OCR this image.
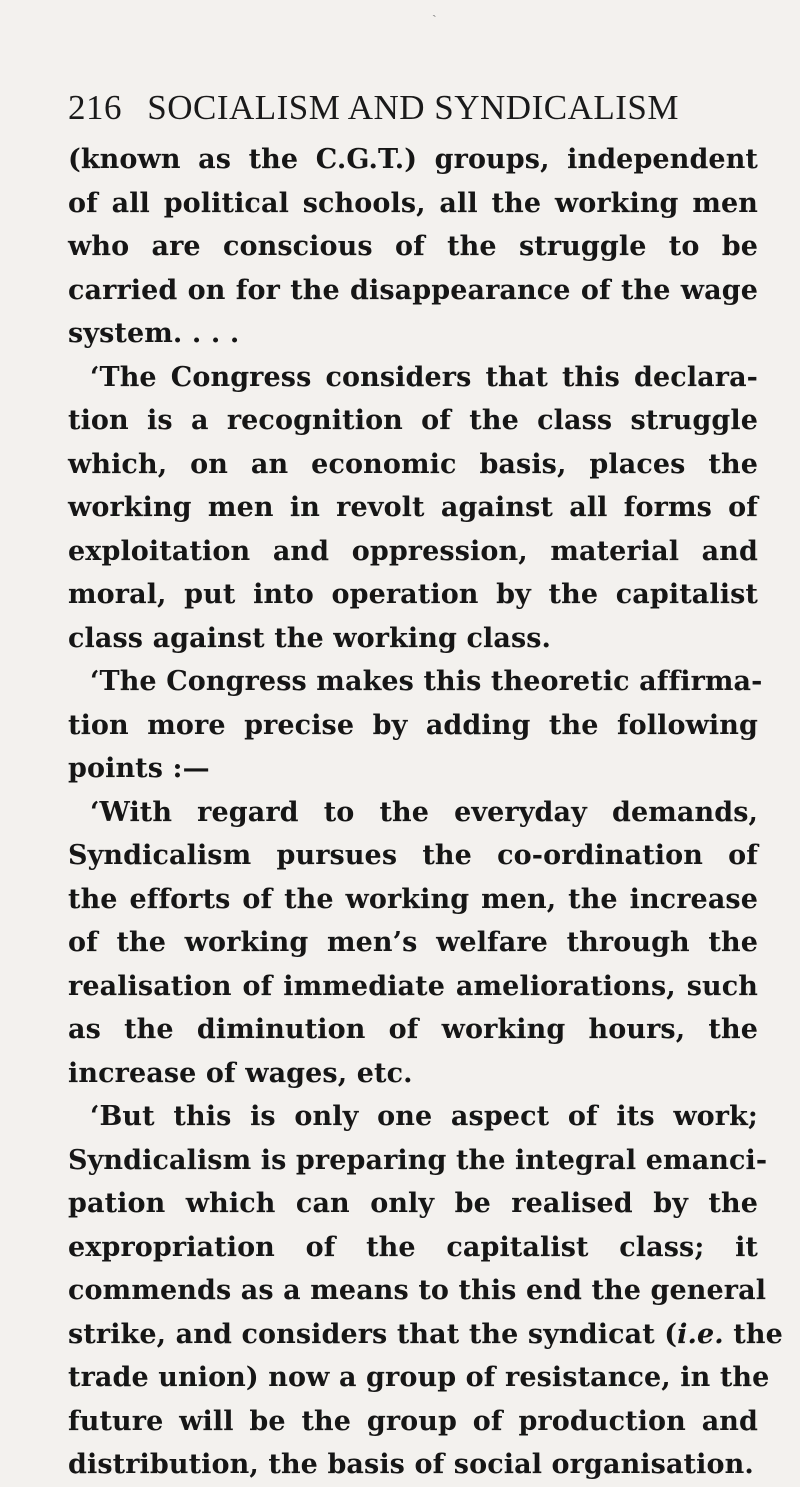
ˏ
216 SOCIALISM AND SYNDICALISM
(known as the C.G.T.) groups, independent
of all political schools, all the working men
who are conscious of the struggle to be
carried on for the disappearance of the wage
system. . . .
‘The Congress considers that this declara-
tion is a recognition of the class struggle
which, on an economic basis, places the
working men in revolt against all forms of
exploitation and oppression, material and
moral, put into operation by the capitalist
class against the working class.
‘The Congress makes this theoretic affirma-
tion more precise by adding the following
points :—
‘With regard to the everyday demands,
Syndicalism pursues the co-ordination of
the efforts of the working men, the increase
of the working men’s welfare through the
realisation of immediate ameliorations, such
as the diminution of working hours, the
increase of wages, etc.
‘But this is only one aspect of its work;
Syndicalism is preparing the integral emanci-
pation which can only be realised by the
expropriation of the capitalist class; it
commends as a means to this end the general
strike, and considers that the syndicat (i.e. the
trade union) now a group of resistance, in the
future will be the group of production and
distribution, the basis of social organisation.
